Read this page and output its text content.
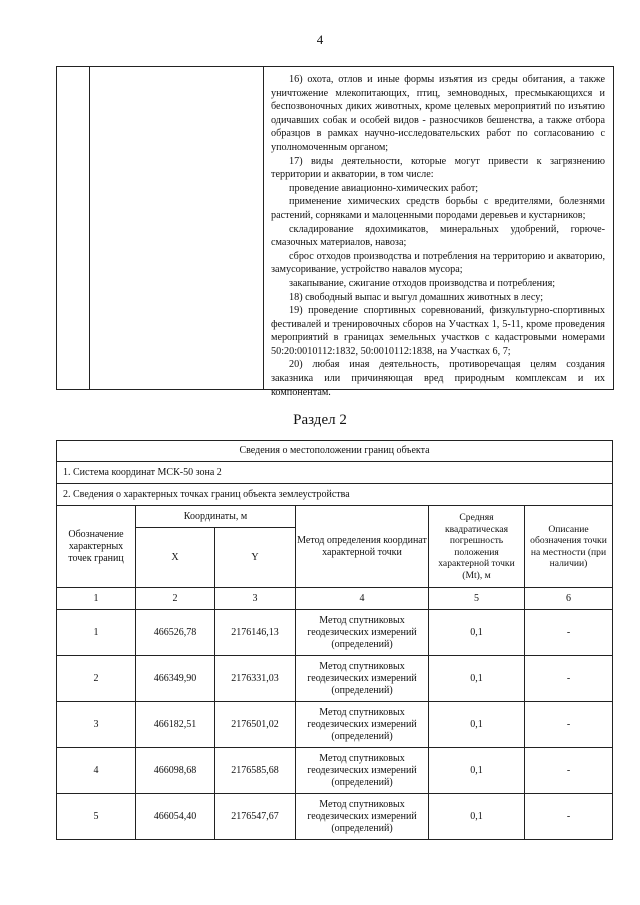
4

16) охота, отлов и иные формы изъятия из среды обитания, а также уничтожение млекопитающих, птиц, земноводных, пресмыкающихся и беспозвоночных диких животных, кроме целевых мероприятий по изъятию одичавших собак и особей видов - разносчиков бешенства, а также отбора образцов в рамках научно-исследовательских работ по согласованию с уполномоченным органом;

17) виды деятельности, которые могут привести к загрязнению территории и акватории, в том числе:

проведение авиационно-химических работ;

применение химических средств борьбы с вредителями, болезнями растений, сорняками и малоценными породами деревьев и кустарников;

складирование ядохимикатов, минеральных удобрений, горюче-смазочных материалов, навоза;

сброс отходов производства и потребления на территорию и акваторию, замусоривание, устройство навалов мусора;

закапывание, сжигание отходов производства и потребления;

18) свободный выпас и выгул домашних животных в лесу;

19) проведение спортивных соревнований, физкультурно-спортивных фестивалей и тренировочных сборов на Участках 1, 5-11, кроме проведения мероприятий в границах земельных участков с кадастровыми номерами 50:20:0010112:1832, 50:0010112:1838, на Участках 6, 7;

20) любая иная деятельность, противоречащая целям создания заказника или причиняющая вред природным комплексам и их компонентам.

Раздел 2
Сведения о местоположении границ объекта					
1. Система координат МСК-50 зона 2					
2. Сведения о характерных точках границ объекта землеустройства					
Обозначение характерных точек границ	Координаты, м		Метод определения координат характерной точки	Средняя квадратическая погрешность положения характерной точки (Mt), м	Описание обозначения точки на местности (при наличии)
	X	Y			
1	2	3	4	5	6
1	466526,78	2176146,13	Метод спутниковых геодезических измерений (определений)	0,1	-
2	466349,90	2176331,03	Метод спутниковых геодезических измерений (определений)	0,1	-
3	466182,51	2176501,02	Метод спутниковых геодезических измерений (определений)	0,1	-
4	466098,68	2176585,68	Метод спутниковых геодезических измерений (определений)	0,1	-
5	466054,40	2176547,67	Метод спутниковых геодезических измерений (определений)	0,1	-
